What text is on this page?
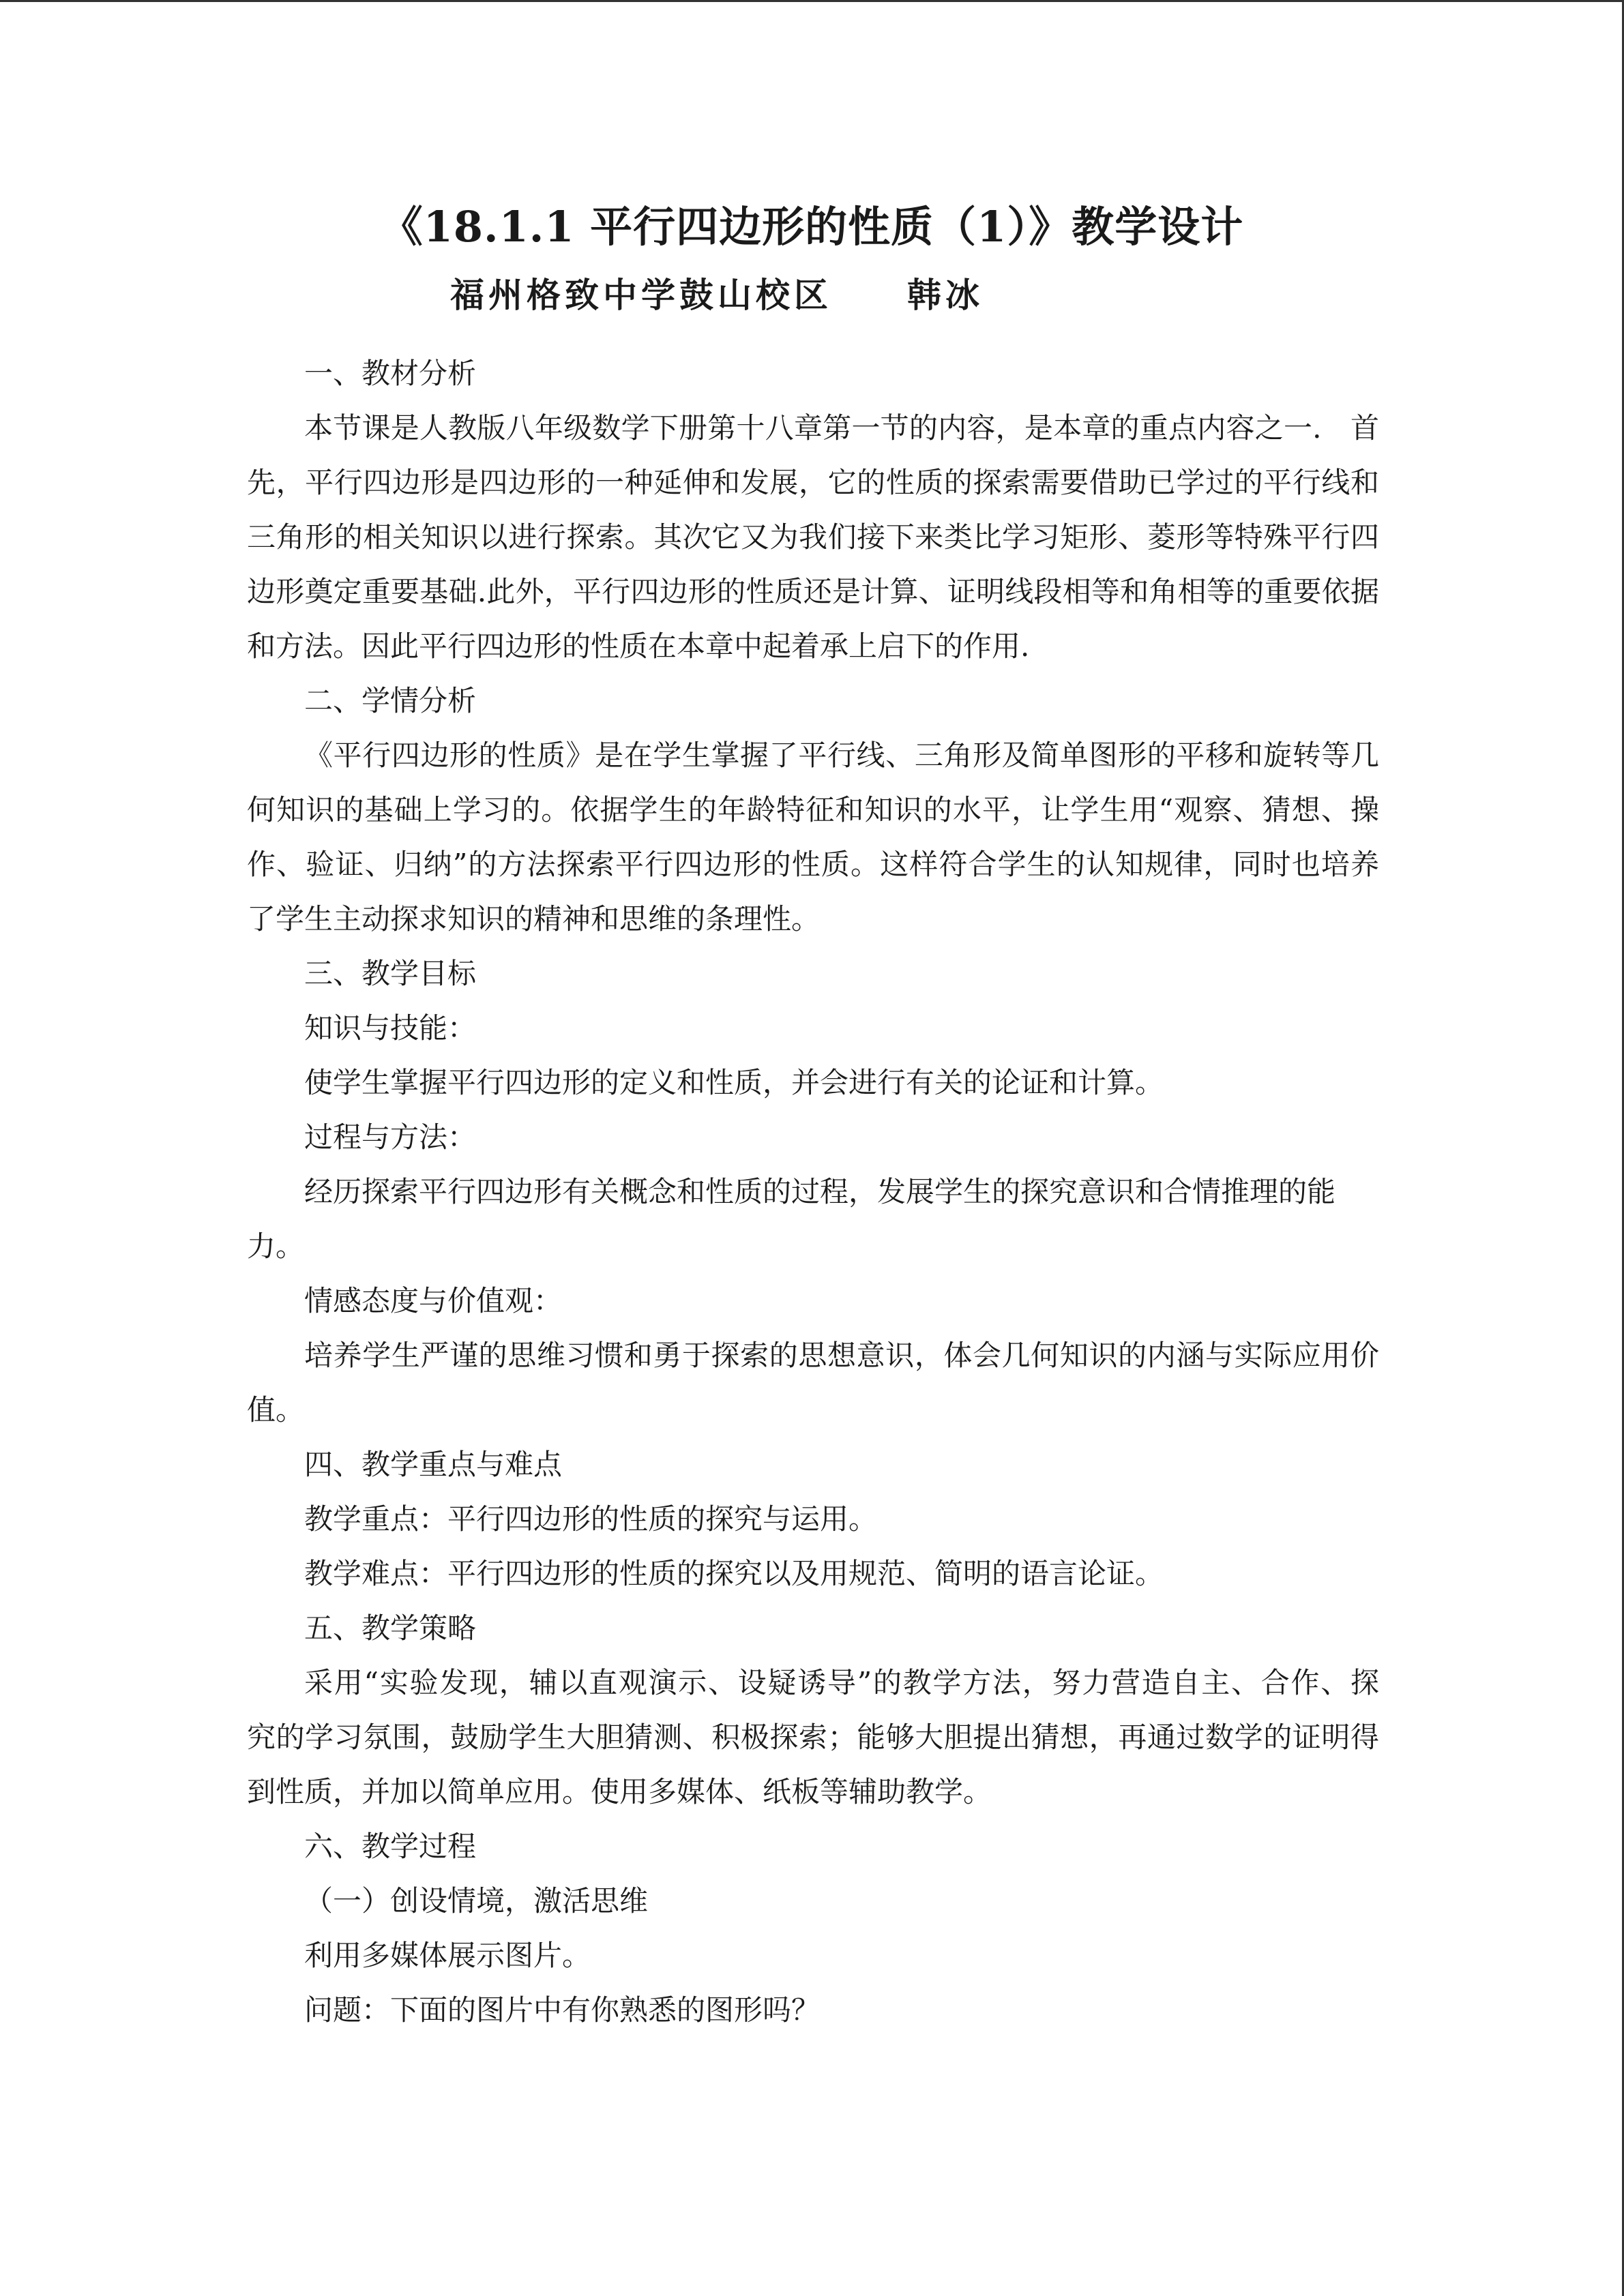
《18.1.1 平行四边形的性质（1）》教学设计
福州格致中学鼓山校区 韩冰
一、教材分析
本节课是人教版八年级数学下册第十八章第一节的内容，是本章的重点内容之一.　首
先，平行四边形是四边形的一种延伸和发展，它的性质的探索需要借助已学过的平行线和
三角形的相关知识以进行探索。其次它又为我们接下来类比学习矩形、菱形等特殊平行四
边形奠定重要基础.此外，平行四边形的性质还是计算、证明线段相等和角相等的重要依据
和方法。因此平行四边形的性质在本章中起着承上启下的作用.
二、学情分析
《平行四边形的性质》是在学生掌握了平行线、三角形及简单图形的平移和旋转等几
何知识的基础上学习的。依据学生的年龄特征和知识的水平，让学生用“观察、猜想、操
作、验证、归纳”的方法探索平行四边形的性质。这样符合学生的认知规律，同时也培养
了学生主动探求知识的精神和思维的条理性。
三、教学目标
知识与技能：
使学生掌握平行四边形的定义和性质，并会进行有关的论证和计算。
过程与方法：
经历探索平行四边形有关概念和性质的过程，发展学生的探究意识和合情推理的能
力。
情感态度与价值观：
培养学生严谨的思维习惯和勇于探索的思想意识，体会几何知识的内涵与实际应用价
值。
四、教学重点与难点
教学重点：平行四边形的性质的探究与运用。
教学难点：平行四边形的性质的探究以及用规范、简明的语言论证。
五、教学策略
采用“实验发现，辅以直观演示、设疑诱导”的教学方法，努力营造自主、合作、探
究的学习氛围，鼓励学生大胆猜测、积极探索；能够大胆提出猜想，再通过数学的证明得
到性质，并加以简单应用。使用多媒体、纸板等辅助教学。
六、教学过程
（一）创设情境，激活思维
利用多媒体展示图片。
问题：下面的图片中有你熟悉的图形吗？
